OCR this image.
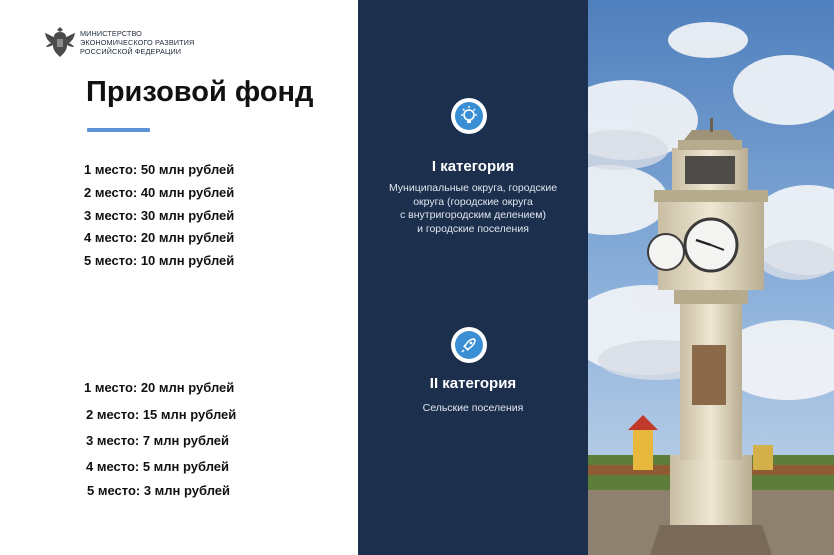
МИНИСТЕРСТВО
ЭКОНОМИЧЕСКОГО РАЗВИТИЯ
РОССИЙСКОЙ ФЕДЕРАЦИИ
Призовой фонд
1 место: 50 млн рублей
2 место: 40 млн рублей
3 место: 30 млн рублей
4 место: 20 млн рублей
5 место: 10 млн рублей
1 место: 20 млн рублей
2 место: 15 млн рублей
3 место: 7 млн рублей
4 место: 5 млн рублей
5 место: 3 млн рублей
I категория
Муниципальные округа, городские
округа (городские округа
с внутригородским делением)
и городские поселения
II категория
Сельские поселения
